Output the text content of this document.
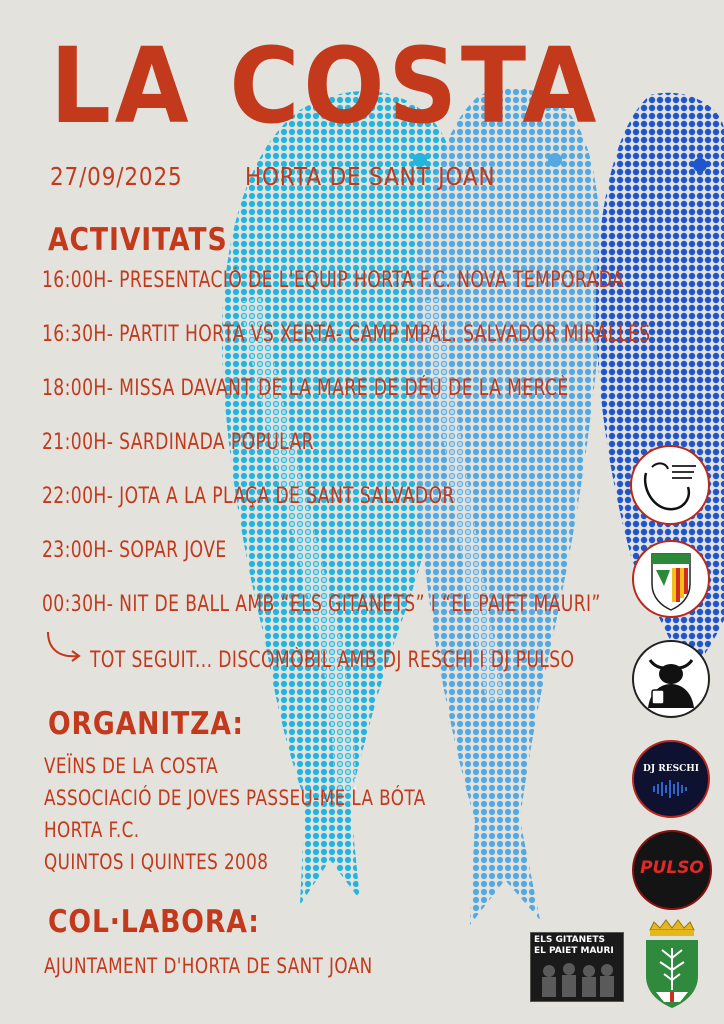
LA COSTA
27/09/2025 HORTA DE SANT JOAN
ACTIVITATS
16:00H- PRESENTACIÓ DE L'EQUIP HORTA F.C. NOVA TEMPORADA
16:30H- PARTIT HORTA VS XERTA- CAMP MPAL. SALVADOR MIRALLES
18:00H- MISSA DAVANT DE LA MARE DE DÉU DE LA MERCÈ
21:00H- SARDINADA POPULAR
22:00H- JOTA A LA PLAÇA DE SANT SALVADOR
23:00H- SOPAR JOVE
00:30H- NIT DE BALL AMB “ELS GITANETS” I “EL PAIET MAURI”
TOT SEGUIT... DISCOMÒBIL AMB DJ RESCHI I DJ PULSO
ORGANITZA:
VEÏNS DE LA COSTA
ASSOCIACIÓ DE JOVES PASSEU-ME LA BÓTA
HORTA F.C.
QUINTOS I QUINTES 2008
COL·LABORA:
AJUNTAMENT D'HORTA DE SANT JOAN
DJ RESCHI
PULSO
ELS GITANETS
EL PAIET MAURI
